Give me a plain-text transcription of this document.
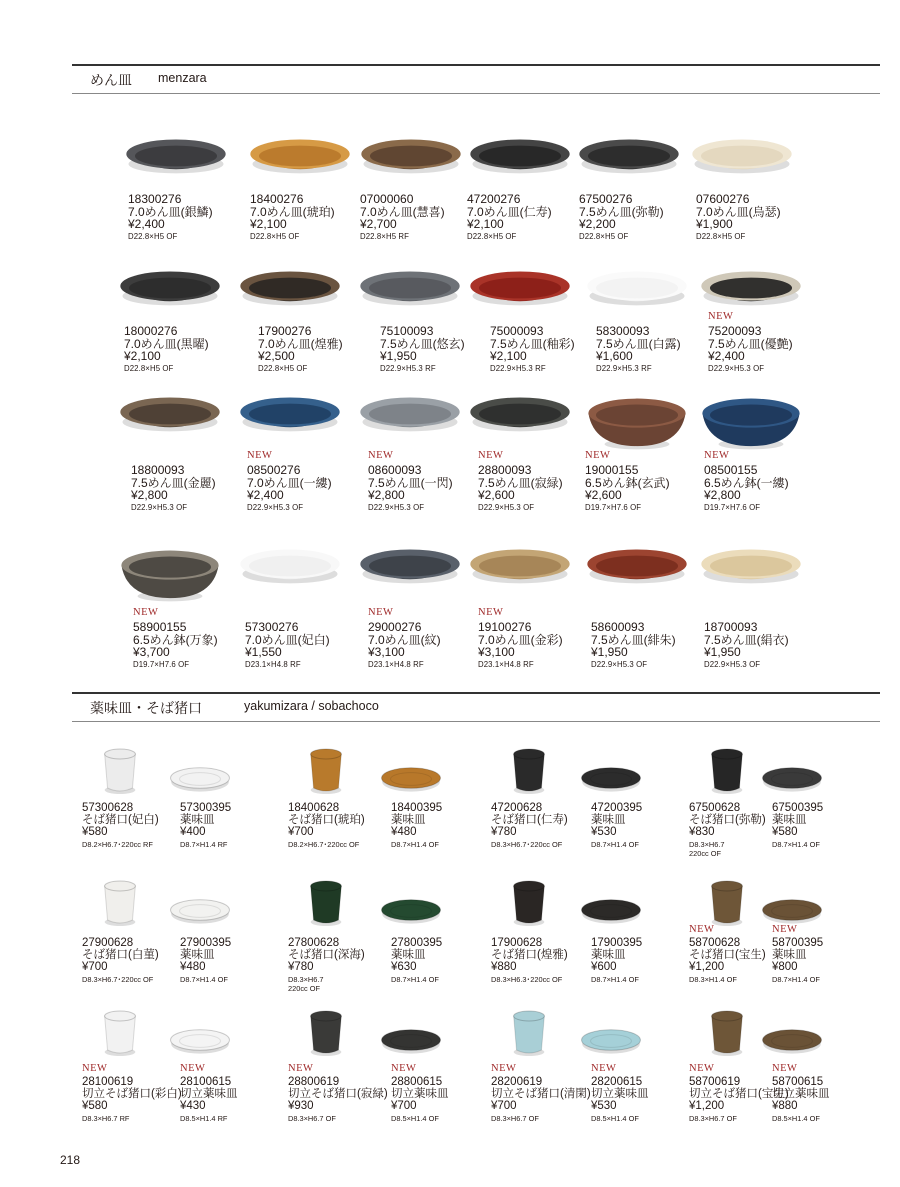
めん皿 menzara
18300276
7.0めん皿(銀鱗)
¥2,400
D22.8×H5 OF
18400276
7.0めん皿(琥珀)
¥2,100
D22.8×H5 OF
07000060
7.0めん皿(慧喜)
¥2,700
D22.8×H5 RF
47200276
7.0めん皿(仁寿)
¥2,100
D22.8×H5 OF
67500276
7.5めん皿(弥勒)
¥2,200
D22.8×H5 OF
07600276
7.0めん皿(烏瑟)
¥1,900
D22.8×H5 OF
18000276
7.0めん皿(黒曜)
¥2,100
D22.8×H5 OF
17900276
7.0めん皿(煌雅)
¥2,500
D22.8×H5 OF
75100093
7.5めん皿(悠玄)
¥1,950
D22.9×H5.3 RF
75000093
7.5めん皿(釉彩)
¥2,100
D22.9×H5.3 RF
58300093
7.5めん皿(白露)
¥1,600
D22.9×H5.3 RF
NEW
75200093
7.5めん皿(優艶)
¥2,400
D22.9×H5.3 OF
18800093
7.5めん皿(金麗)
¥2,800
D22.9×H5.3 OF
NEW
08500276
7.0めん皿(一縷)
¥2,400
D22.9×H5.3 OF
NEW
08600093
7.5めん皿(一閃)
¥2,800
D22.9×H5.3 OF
NEW
28800093
7.5めん皿(寂緑)
¥2,600
D22.9×H5.3 OF
NEW
19000155
6.5めん鉢(玄武)
¥2,600
D19.7×H7.6 OF
NEW
08500155
6.5めん鉢(一縷)
¥2,800
D19.7×H7.6 OF
NEW
58900155
6.5めん鉢(万象)
¥3,700
D19.7×H7.6 OF
57300276
7.0めん皿(妃白)
¥1,550
D23.1×H4.8 RF
NEW
29000276
7.0めん皿(紋)
¥3,100
D23.1×H4.8 RF
NEW
19100276
7.0めん皿(金彩)
¥3,100
D23.1×H4.8 RF
58600093
7.5めん皿(緋朱)
¥1,950
D22.9×H5.3 OF
18700093
7.5めん皿(絹衣)
¥1,950
D22.9×H5.3 OF
薬味皿・そば猪口	yakumizara / sobachoco
57300628
そば猪口(妃白)
¥580
D8.2×H6.7･220cc RF
57300395
薬味皿
¥400
D8.7×H1.4 RF
18400628
そば猪口(琥珀)
¥700
D8.2×H6.7･220cc OF
18400395
薬味皿
¥480
D8.7×H1.4 OF
47200628
そば猪口(仁寿)
¥780
D8.3×H6.7･220cc OF
47200395
薬味皿
¥530
D8.7×H1.4 OF
67500628
そば猪口(弥勒)
¥830
D8.3×H6.7
220cc OF
67500395
薬味皿
¥580
D8.7×H1.4 OF
27900628
そば猪口(白菫)
¥700
D8.3×H6.7･220cc OF
27900395
薬味皿
¥480
D8.7×H1.4 OF
27800628
そば猪口(深海)
¥780
D8.3×H6.7
220cc OF
27800395
薬味皿
¥630
D8.7×H1.4 OF
17900628
そば猪口(煌雅)
¥880
D8.3×H6.3･220cc OF
17900395
薬味皿
¥600
D8.7×H1.4 OF
NEW
58700628
そば猪口(宝生)
¥1,200
D8.3×H1.4 OF
NEW
58700395
薬味皿
¥800
D8.7×H1.4 OF
NEW
28100619
切立そば猪口(彩白)
¥580
D8.3×H6.7 RF
NEW
28100615
切立薬味皿
¥430
D8.5×H1.4 RF
NEW
28800619
切立そば猪口(寂緑)
¥930
D8.3×H6.7 OF
NEW
28800615
切立薬味皿
¥700
D8.5×H1.4 OF
NEW
28200619
切立そば猪口(清閑)
¥700
D8.3×H6.7 OF
NEW
28200615
切立薬味皿
¥530
D8.5×H1.4 OF
NEW
58700619
切立そば猪口(宝生)
¥1,200
D8.3×H6.7 OF
NEW
58700615
切立薬味皿
¥880
D8.5×H1.4 OF
218
